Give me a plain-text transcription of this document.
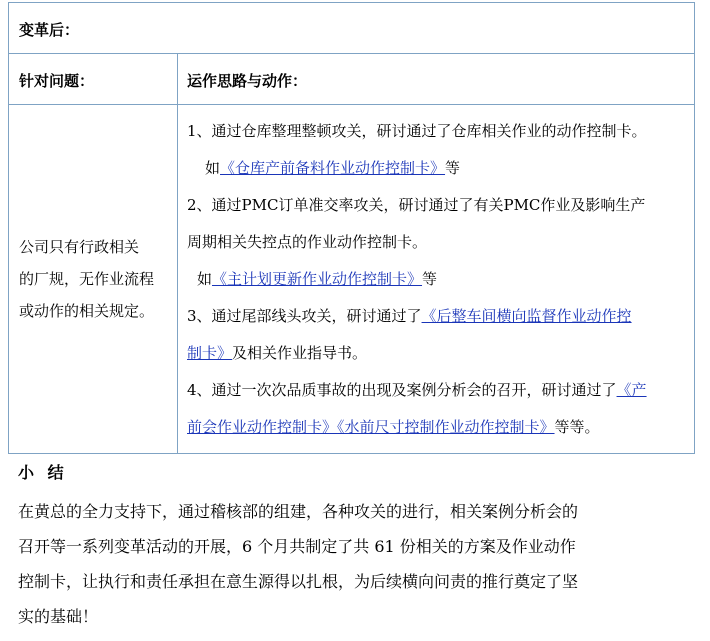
变革后：
针对问题：	运作思路与动作：
公司只有行政相关
的厂规，无作业流程
或动作的相关规定。

1、通过仓库整理整顿攻关，研讨通过了仓库相关作业的动作控制卡。

如《仓库产前备料作业动作控制卡》等

2、通过PMC订单准交率攻关，研讨通过了有关PMC作业及影响生产

周期相关失控点的作业动作控制卡。

如《主计划更新作业动作控制卡》等

3、通过尾部线头攻关，研讨通过了《后整车间横向监督作业动作控

制卡》及相关作业指导书。

4、通过一次次品质事故的出现及案例分析会的召开，研讨通过了《产

前会作业动作控制卡》《水前尺寸控制作业动作控制卡》等等。

小 结

在黄总的全力支持下，通过稽核部的组建，各种攻关的进行，相关案例分析会的

召开等一系列变革活动的开展，6 个月共制定了共 61 份相关的方案及作业动作

控制卡，让执行和责任承担在意生源得以扎根，为后续横向问责的推行奠定了坚

实的基础！
